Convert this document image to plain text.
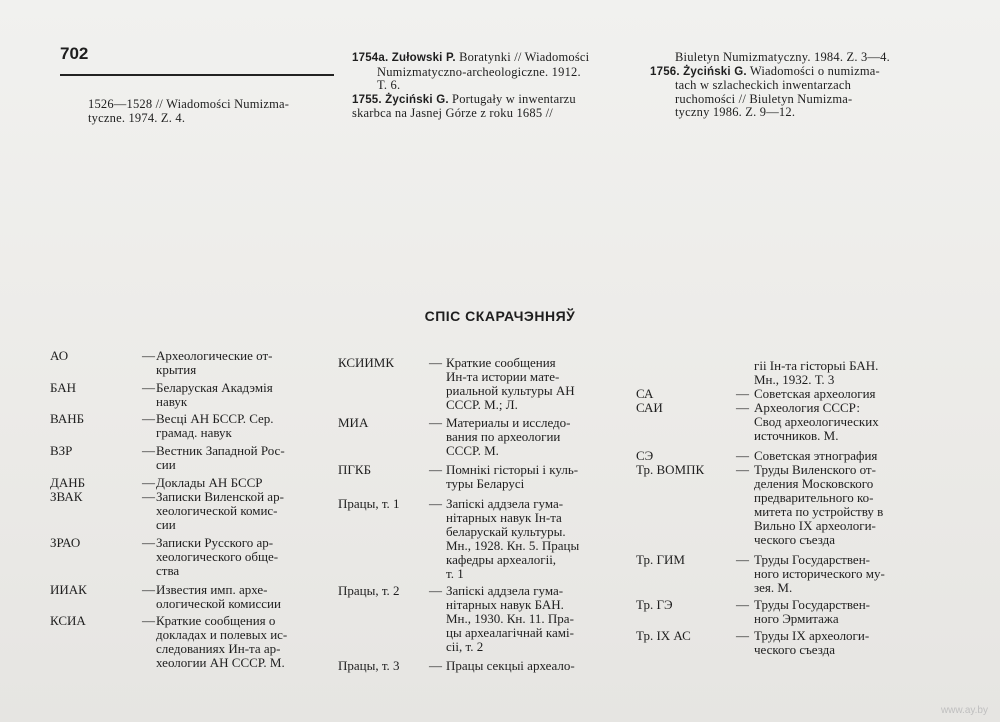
702

1526—1528 // Wiadomości Numizma-

tyczne. 1974. Z. 4.

1754a. Zułowski P. Boratynki // Wiadomości

Numizmatyczno-archeologiczne. 1912.

T. 6.

1755. Życiński G. Portugały w inwentarzu

skarbca na Jasnej Górze z roku 1685 //

Biuletyn Numizmatyczny. 1984. Z. 3—4.

1756. Życiński G. Wiadomości o numizma-

tach w szlacheckich inwentarzach

ruchomości // Biuletyn Numizma-

tyczny 1986. Z. 9—12.

СПІС СКАРАЧЭННЯЎ
АО	— Археологические от-
крытия
БАН	— Беларуская Акадэмія
навук
ВАНБ	— Весці АН БССР. Сер.
грамад. навук
ВЗР	— Вестник Западной Рос-
сии
ДАНБ	— Доклады АН БССР
ЗВАК	— Записки Виленской ар-
хеологической комис-
сии
ЗРАО	— Записки Русского ар-
хеологического обще-
ства
ИИАК	— Известия имп. архе-
ологической комиссии
КСИА	— Краткие сообщения о
докладах и полевых ис-
следованиях Ин-та ар-
хеологии АН СССР. М.
КСИИМК	— Краткие сообщения
Ин-та истории мате-
риальной культуры АН
СССР. М.; Л.
МИА	— Материалы и исследо-
вания по археологии
СССР. М.
ПГКБ	— Помнікі гісторыі і куль-
туры Беларусі
Працы, т. 1 — Запіскі аддзела гума-
нітарных навук Ін-та
беларускай культуры.
Мн., 1928. Кн. 5. Працы
кафедры археалогіі,
т. 1
Працы, т. 2 — Запіскі аддзела гума-
нітарных навук БАН.
Мн., 1930. Кн. 11. Пра-
цы археалагічнай камі-
сіі, т. 2
Працы, т. 3 — Працы секцыі археало-
гіі Ін-та гісторыі БАН.
Мн., 1932. Т. 3
СА	— Советская археология
САИ	— Археология СССР:
Свод археологических
источников. М.
СЭ	— Советская этнография
Тр. ВОМПК — Труды Виленского от-
деления Московского
предварительного ко-
митета по устройству в
Вильно IX археологи-
ческого съезда
Тр. ГИМ	— Труды Государствен-
ного исторического му-
зея. М.
Тр. ГЭ	— Труды Государствен-
ного Эрмитажа
Тр. IX АС	— Труды IX археологи-
ческого съезда
www.ay.by
